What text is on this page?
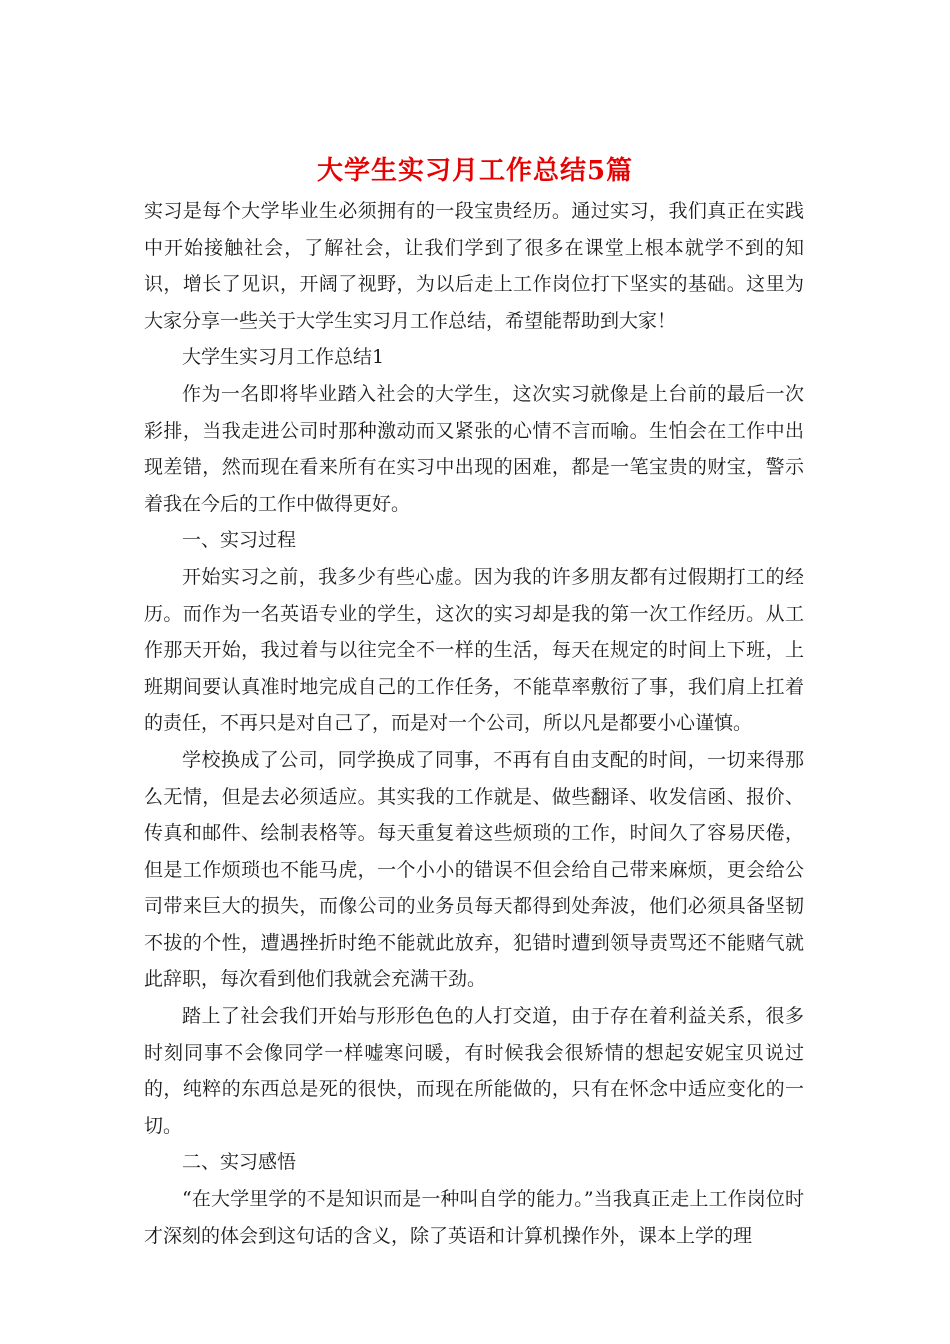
大学生实习月工作总结5篇

实习是每个大学毕业生必须拥有的一段宝贵经历。通过实习，我们真正在实践中开始接触社会，了解社会，让我们学到了很多在课堂上根本就学不到的知识，增长了见识，开阔了视野，为以后走上工作岗位打下坚实的基础。这里为大家分享一些关于大学生实习月工作总结，希望能帮助到大家！

大学生实习月工作总结1

作为一名即将毕业踏入社会的大学生，这次实习就像是上台前的最后一次彩排，当我走进公司时那种激动而又紧张的心情不言而喻。生怕会在工作中出现差错，然而现在看来所有在实习中出现的困难，都是一笔宝贵的财宝，警示着我在今后的工作中做得更好。

一、实习过程

开始实习之前，我多少有些心虚。因为我的许多朋友都有过假期打工的经历。而作为一名英语专业的学生，这次的实习却是我的第一次工作经历。从工作那天开始，我过着与以往完全不一样的生活，每天在规定的时间上下班，上班期间要认真准时地完成自己的工作任务，不能草率敷衍了事，我们肩上扛着的责任，不再只是对自己了，而是对一个公司，所以凡是都要小心谨慎。

学校换成了公司，同学换成了同事，不再有自由支配的时间，一切来得那么无情，但是去必须适应。其实我的工作就是、做些翻译、收发信函、报价、传真和邮件、绘制表格等。每天重复着这些烦琐的工作，时间久了容易厌倦，但是工作烦琐也不能马虎，一个小小的错误不但会给自己带来麻烦，更会给公司带来巨大的损失，而像公司的业务员每天都得到处奔波，他们必须具备坚韧不拔的个性，遭遇挫折时绝不能就此放弃，犯错时遭到领导责骂还不能赌气就此辞职，每次看到他们我就会充满干劲。

踏上了社会我们开始与形形色色的人打交道，由于存在着利益关系，很多时刻同事不会像同学一样嘘寒问暖，有时候我会很矫情的想起安妮宝贝说过的，纯粹的东西总是死的很快，而现在所能做的，只有在怀念中适应变化的一切。

二、实习感悟

“在大学里学的不是知识而是一种叫自学的能力。”当我真正走上工作岗位时才深刻的体会到这句话的含义，除了英语和计算机操作外，课本上学的理
